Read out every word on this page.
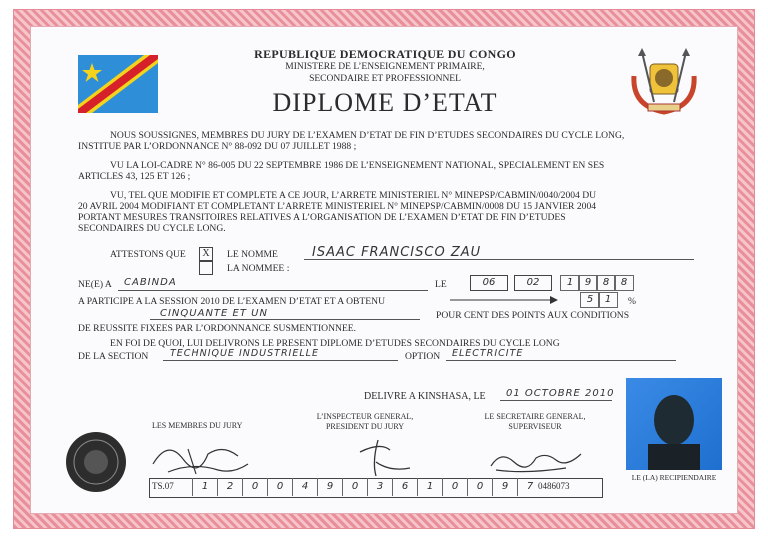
REPUBLIQUE DEMOCRATIQUE DU CONGO
MINISTERE DE L’ENSEIGNEMENT PRIMAIRE,
SECONDAIRE ET PROFESSIONNEL
DIPLOME D’ETAT
NOUS SOUSSIGNES, MEMBRES DU JURY DE L’EXAMEN D’ETAT DE FIN D’ETUDES SECONDAIRES DU CYCLE LONG,
INSTITUE PAR L’ORDONNANCE N° 88-092 DU 07 JUILLET 1988 ;
VU LA LOI-CADRE N° 86-005 DU 22 SEPTEMBRE 1986 DE L’ENSEIGNEMENT NATIONAL, SPECIALEMENT EN SES
ARTICLES 43, 125 ET 126 ;
VU, TEL QUE MODIFIE ET COMPLETE A CE JOUR, L’ARRETE MINISTERIEL N° MINEPSP/CABMIN/0040/2004 DU
20 AVRIL 2004 MODIFIANT ET COMPLETANT L’ARRETE MINISTERIEL N° MINEPSP/CABMIN/0008 DU 15 JANVIER 2004
PORTANT MESURES TRANSITOIRES RELATIVES A L’ORGANISATION DE L’EXAMEN D’ETAT DE FIN D’ETUDES
SECONDAIRES DU CYCLE LONG.
ATTESTONS QUE	X	LE NOMME
LA NOMMEE :
ISAAC FRANCISCO ZAU
NE(E) A CABINDA	LE	06	02	1	9	8	8
A PARTICIPE A LA SESSION 2010 DE L’EXAMEN D’ETAT ET A OBTENU	5	1	%
CINQUANTE ET UN	POUR CENT DES POINTS AUX CONDITIONS
DE REUSSITE FIXEES PAR L’ORDONNANCE SUSMENTIONNEE.
EN FOI DE QUOI, LUI DELIVRONS LE PRESENT DIPLOME D’ETUDES SECONDAIRES DU CYCLE LONG
DE LA SECTION TECHNIQUE INDUSTRIELLE	OPTION ELECTRICITE
DELIVRE A KINSHASA, LE 01 OCTOBRE 2010
LE (LA) RECIPIENDAIRE
LES MEMBRES DU JURY
L’INSPECTEUR GENERAL,
PRESIDENT DU JURY
LE SECRETAIRE GENERAL,
SUPERVISEUR
TS.07	1	2	0	0	4	9	0	3	6	1	0	0	9	7 0486073
